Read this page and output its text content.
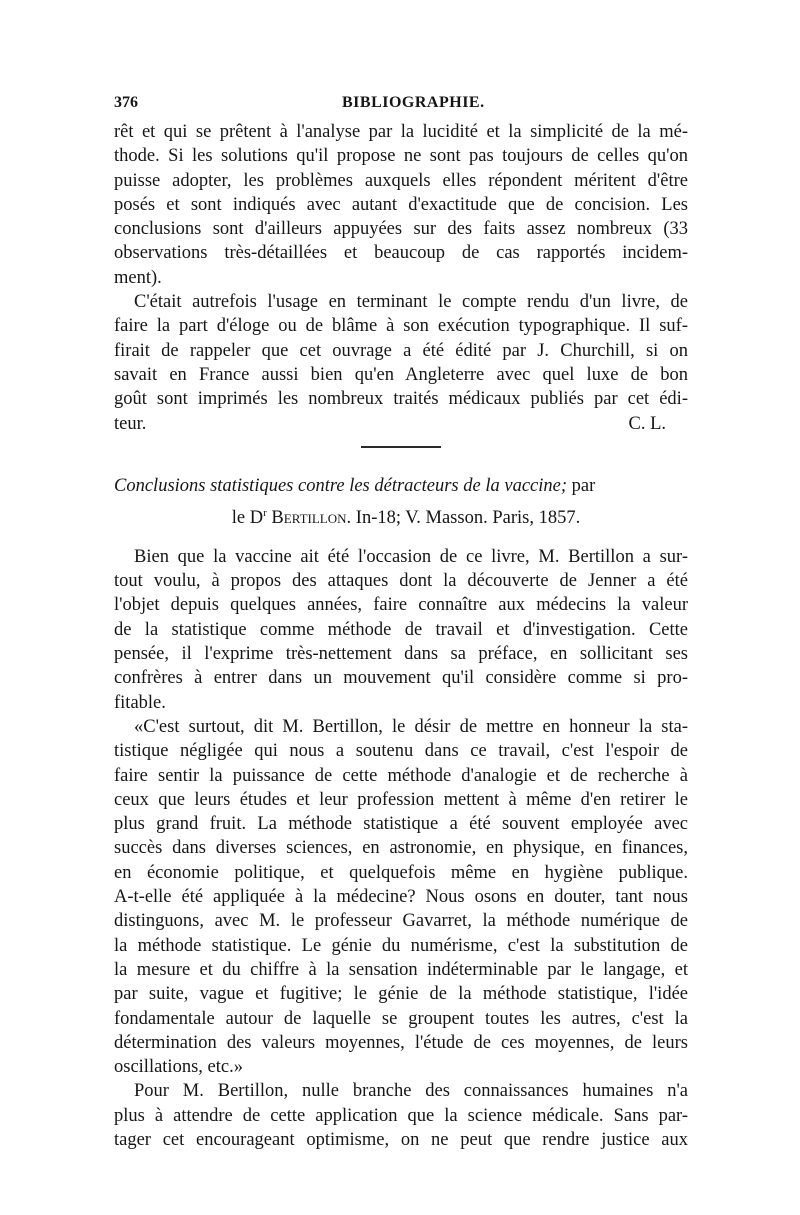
376	BIBLIOGRAPHIE.
rêt et qui se prêtent à l'analyse par la lucidité et la simplicité de la mé-
thode. Si les solutions qu'il propose ne sont pas toujours de celles qu'on
puisse adopter, les problèmes auxquels elles répondent méritent d'être
posés et sont indiqués avec autant d'exactitude que de concision. Les
conclusions sont d'ailleurs appuyées sur des faits assez nombreux (33
observations très-détaillées et beaucoup de cas rapportés incidem-
ment).
C'était autrefois l'usage en terminant le compte rendu d'un livre, de
faire la part d'éloge ou de blâme à son exécution typographique. Il suf-
firait de rappeler que cet ouvrage a été édité par J. Churchill, si on
savait en France aussi bien qu'en Angleterre avec quel luxe de bon
goût sont imprimés les nombreux traités médicaux publiés par cet édi-
teur.	C. L.
Conclusions statistiques contre les détracteurs de la vaccine; par
le $D^r$ Bertillon. In-18; V. Masson. Paris, 1857.
Bien que la vaccine ait été l'occasion de ce livre, M. Bertillon a sur-
tout voulu, à propos des attaques dont la découverte de Jenner a été
l'objet depuis quelques années, faire connaître aux médecins la valeur
de la statistique comme méthode de travail et d'investigation. Cette
pensée, il l'exprime très-nettement dans sa préface, en sollicitant ses
confrères à entrer dans un mouvement qu'il considère comme si pro-
fitable.
«C'est surtout, dit M. Bertillon, le désir de mettre en honneur la sta-
tistique négligée qui nous a soutenu dans ce travail, c'est l'espoir de
faire sentir la puissance de cette méthode d'analogie et de recherche à
ceux que leurs études et leur profession mettent à même d'en retirer le
plus grand fruit. La méthode statistique a été souvent employée avec
succès dans diverses sciences, en astronomie, en physique, en finances,
en économie politique, et quelquefois même en hygiène publique.
A-t-elle été appliquée à la médecine? Nous osons en douter, tant nous
distinguons, avec M. le professeur Gavarret, la méthode numérique de
la méthode statistique. Le génie du numérisme, c'est la substitution de
la mesure et du chiffre à la sensation indéterminable par le langage, et
par suite, vague et fugitive; le génie de la méthode statistique, l'idée
fondamentale autour de laquelle se groupent toutes les autres, c'est la
détermination des valeurs moyennes, l'étude de ces moyennes, de leurs
oscillations, etc.»
Pour M. Bertillon, nulle branche des connaissances humaines n'a
plus à attendre de cette application que la science médicale. Sans par-
tager cet encourageant optimisme, on ne peut que rendre justice aux
